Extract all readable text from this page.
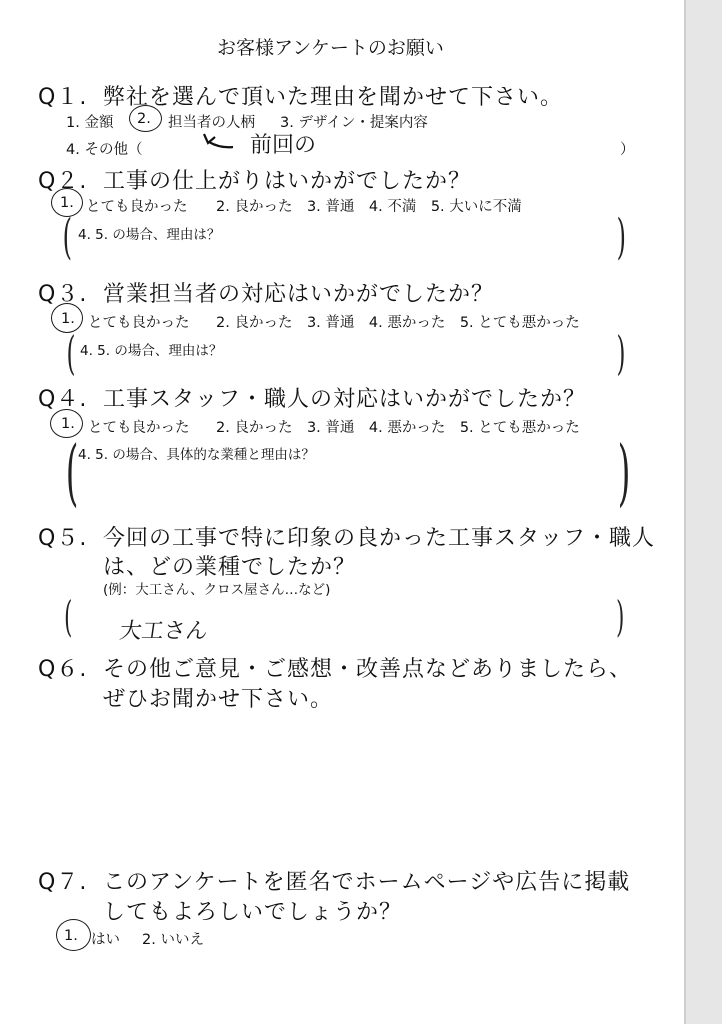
お客様アンケートのお願い
Q１. 弊社を選んで頂いた理由を聞かせて下さい。
1. 金額 2. 担当者の人柄 3. デザイン・提案内容
4. その他（	前回の	）
Q２. 工事の仕上がりはいかがでしたか？
1. とても良かった 2. 良かった　3. 普通　4. 不満　5. 大いに不満
( 4. 5. の場合、理由は？	)
Q３. 営業担当者の対応はいかがでしたか？
1. とても良かった 2. 良かった　3. 普通　4. 悪かった　5. とても悪かった
( 4. 5. の場合、理由は？	)
Q４. 工事スタッフ・職人の対応はいかがでしたか？
1. とても良かった 2. 良かった　3. 普通　4. 悪かった　5. とても悪かった
( 4. 5. の場合、具体的な業種と理由は？	)
Q５. 今回の工事で特に印象の良かった工事スタッフ・職人
は、どの業種でしたか？
(例：大工さん、クロス屋さん…など)
( 大工さん	)
Q６. その他ご意見・ご感想・改善点などありましたら、
ぜひお聞かせ下さい。
Q７. このアンケートを匿名でホームページや広告に掲載
してもよろしいでしょうか？
1. はい 2. いいえ
